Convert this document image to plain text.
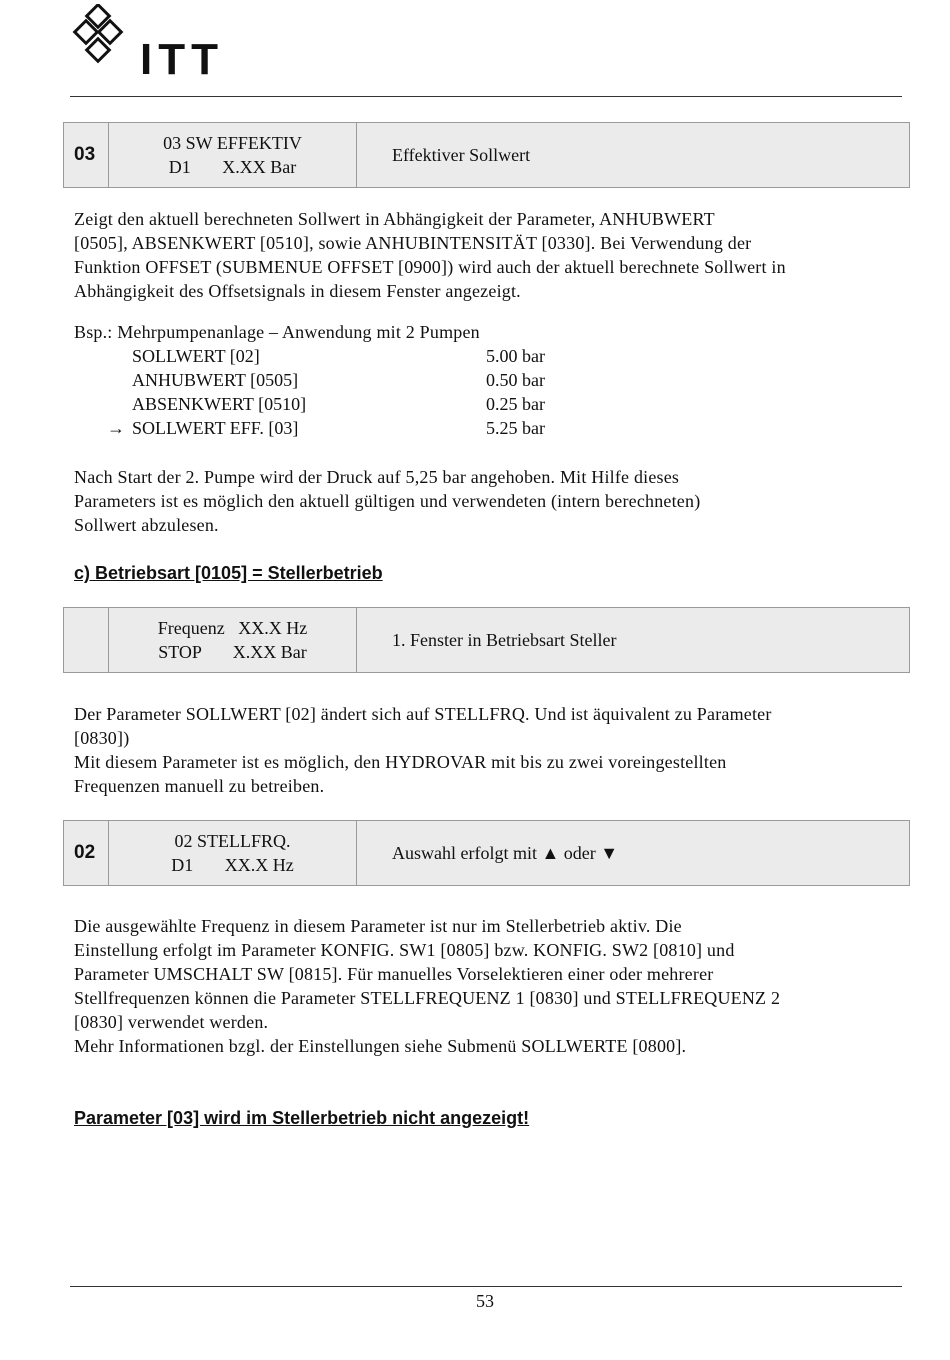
ITT
03
03 SW EFFEKTIV
D1       X.XX Bar
Effektiver Sollwert

Zeigt den aktuell berechneten Sollwert in Abhängigkeit der Parameter, ANHUBWERT

[0505], ABSENKWERT [0510], sowie ANHUBINTENSITÄT [0330]. Bei Verwendung der

Funktion OFFSET (SUBMENUE OFFSET [0900]) wird auch der aktuell berechnete Sollwert in

Abhängigkeit des Offsetsignals in diesem Fenster angezeigt.

Bsp.: Mehrpumpenanlage – Anwendung mit 2 Pumpen
SOLLWERT [02]	5.00 bar
ANHUBWERT [0505]	0.50 bar
ABSENKWERT [0510]	0.25 bar
→ SOLLWERT EFF. [03]	5.25 bar

Nach Start der 2. Pumpe wird der Druck auf 5,25 bar angehoben. Mit Hilfe dieses

Parameters ist es möglich den aktuell gültigen und verwendeten (intern berechneten)

Sollwert abzulesen.

c) Betriebsart [0105] = Stellerbetrieb
Frequenz   XX.X Hz
STOP       X.XX Bar
1. Fenster in Betriebsart Steller

Der Parameter SOLLWERT [02] ändert sich auf STELLFRQ. Und ist äquivalent zu Parameter

[0830])

Mit diesem Parameter ist es möglich, den HYDROVAR mit bis zu zwei voreingestellten

Frequenzen manuell zu betreiben.

02
02 STELLFRQ.
D1       XX.X Hz
Auswahl erfolgt mit ▲ oder ▼

Die ausgewählte Frequenz in diesem Parameter ist nur im Stellerbetrieb aktiv. Die

Einstellung erfolgt im Parameter KONFIG. SW1 [0805] bzw. KONFIG. SW2 [0810] und

Parameter UMSCHALT SW [0815]. Für manuelles Vorselektieren einer oder mehrerer

Stellfrequenzen können die Parameter STELLFREQUENZ 1 [0830] und STELLFREQUENZ 2

[0830] verwendet werden.

Mehr Informationen bzgl. der Einstellungen siehe Submenü SOLLWERTE [0800].

Parameter [03] wird im Stellerbetrieb nicht angezeigt!
53
